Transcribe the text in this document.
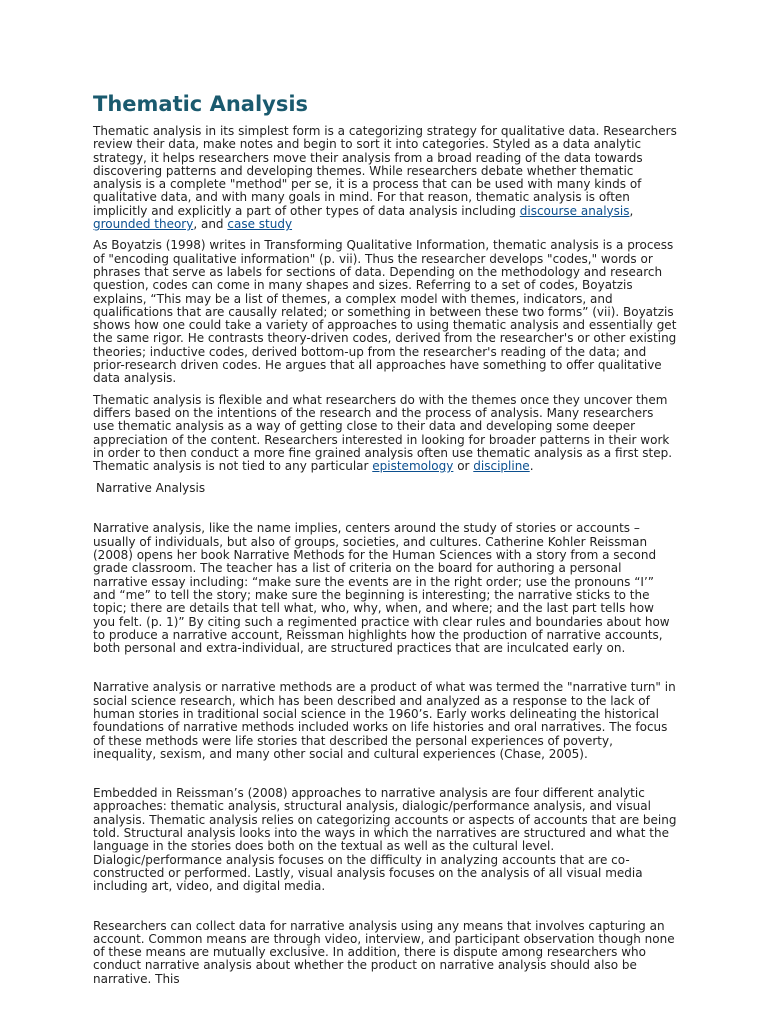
Thematic Analysis

Thematic analysis in its simplest form is a categorizing strategy for qualitative data. Researchers review their data, make notes and begin to sort it into categories. Styled as a data analytic strategy, it helps researchers move their analysis from a broad reading of the data towards discovering patterns and developing themes. While researchers debate whether thematic analysis is a complete "method" per se, it is a process that can be used with many kinds of qualitative data, and with many goals in mind. For that reason, thematic analysis is often implicitly and explicitly a part of other types of data analysis including discourse analysis, grounded theory, and case study

As Boyatzis (1998) writes in Transforming Qualitative Information, thematic analysis is a process of "encoding qualitative information" (p. vii). Thus the researcher develops "codes," words or phrases that serve as labels for sections of data. Depending on the methodology and research question, codes can come in many shapes and sizes. Referring to a set of codes, Boyatzis explains, “This may be a list of themes, a complex model with themes, indicators, and qualifications that are causally related; or something in between these two forms” (vii). Boyatzis shows how one could take a variety of approaches to using thematic analysis and essentially get the same rigor. He contrasts theory-driven codes, derived from the researcher's or other existing theories; inductive codes, derived bottom-up from the researcher's reading of the data; and prior-research driven codes. He argues that all approaches have something to offer qualitative data analysis.

Thematic analysis is flexible and what researchers do with the themes once they uncover them differs based on the intentions of the research and the process of analysis. Many researchers use thematic analysis as a way of getting close to their data and developing some deeper appreciation of the content. Researchers interested in looking for broader patterns in their work in order to then conduct a more fine grained analysis often use thematic analysis as a first step. Thematic analysis is not tied to any particular epistemology or discipline.

Narrative Analysis

Narrative analysis, like the name implies, centers around the study of stories or accounts – usually of individuals, but also of groups, societies, and cultures. Catherine Kohler Reissman (2008) opens her book Narrative Methods for the Human Sciences with a story from a second grade classroom. The teacher has a list of criteria on the board for authoring a personal narrative essay including: “make sure the events are in the right order; use the pronouns “I’” and “me” to tell the story; make sure the beginning is interesting; the narrative sticks to the topic; there are details that tell what, who, why, when, and where; and the last part tells how you felt. (p. 1)” By citing such a regimented practice with clear rules and boundaries about how to produce a narrative account, Reissman highlights how the production of narrative accounts, both personal and extra-individual, are structured practices that are inculcated early on.

Narrative analysis or narrative methods are a product of what was termed the "narrative turn" in social science research, which has been described and analyzed as a response to the lack of human stories in traditional social science in the 1960’s. Early works delineating the historical foundations of narrative methods included works on life histories and oral narratives. The focus of these methods were life stories that described the personal experiences of poverty, inequality, sexism, and many other social and cultural experiences (Chase, 2005).

Embedded in Reissman’s (2008) approaches to narrative analysis are four different analytic approaches: thematic analysis, structural analysis, dialogic/performance analysis, and visual analysis. Thematic analysis relies on categorizing accounts or aspects of accounts that are being told. Structural analysis looks into the ways in which the narratives are structured and what the language in the stories does both on the textual as well as the cultural level. Dialogic/performance analysis focuses on the difficulty in analyzing accounts that are co-constructed or performed. Lastly, visual analysis focuses on the analysis of all visual media including art, video, and digital media.

Researchers can collect data for narrative analysis using any means that involves capturing an account. Common means are through video, interview, and participant observation though none of these means are mutually exclusive. In addition, there is dispute among researchers who conduct narrative analysis about whether the product on narrative analysis should also be narrative. This
